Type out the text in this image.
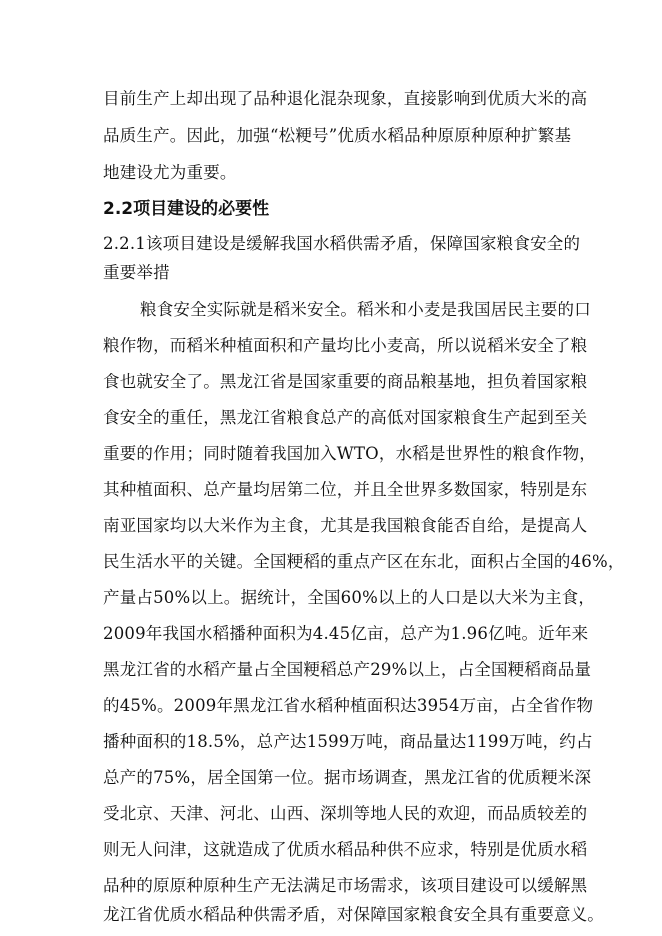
目前生产上却出现了品种退化混杂现象，直接影响到优质大米的高
品质生产。因此，加强“松粳号”优质水稻品种原原种原种扩繁基
地建设尤为重要。
2.2项目建设的必要性
2.2.1该项目建设是缓解我国水稻供需矛盾，保障国家粮食安全的
重要举措
粮食安全实际就是稻米安全。稻米和小麦是我国居民主要的口
粮作物，而稻米种植面积和产量均比小麦高，所以说稻米安全了粮
食也就安全了。黑龙江省是国家重要的商品粮基地，担负着国家粮
食安全的重任，黑龙江省粮食总产的高低对国家粮食生产起到至关
重要的作用；同时随着我国加入WTO，水稻是世界性的粮食作物，
其种植面积、总产量均居第二位，并且全世界多数国家，特别是东
南亚国家均以大米作为主食，尤其是我国粮食能否自给，是提高人
民生活水平的关键。全国粳稻的重点产区在东北，面积占全国的46%，
产量占50%以上。据统计，全国60%以上的人口是以大米为主食，
2009年我国水稻播种面积为4.45亿亩，总产为1.96亿吨。近年来
黑龙江省的水稻产量占全国粳稻总产29%以上，占全国粳稻商品量
的45%。2009年黑龙江省水稻种植面积达3954万亩，占全省作物
播种面积的18.5%，总产达1599万吨，商品量达1199万吨，约占
总产的75%，居全国第一位。据市场调查，黑龙江省的优质粳米深
受北京、天津、河北、山西、深圳等地人民的欢迎，而品质较差的
则无人问津，这就造成了优质水稻品种供不应求，特别是优质水稻
品种的原原种原种生产无法满足市场需求，该项目建设可以缓解黑
龙江省优质水稻品种供需矛盾，对保障国家粮食安全具有重要意义。
